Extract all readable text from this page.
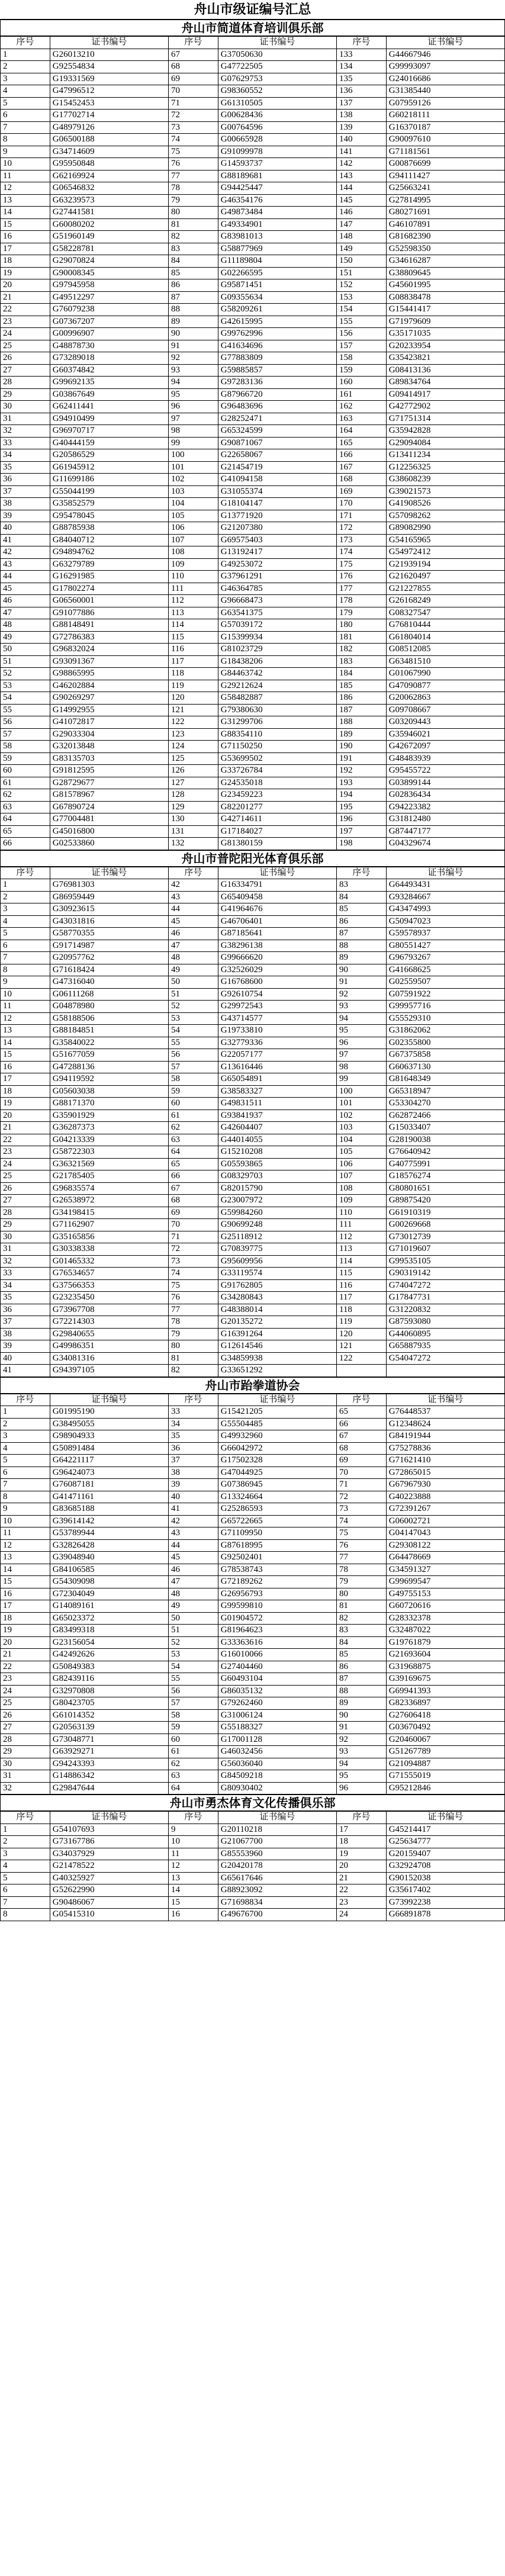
舟山市级证编号汇总
舟山市简道体育培训俱乐部
序号	证书编号	序号	证书编号	序号	证书编号
1	G26013210	67	G37050630	133	G44667946
2	G92554834	68	G47722505	134	G99993097
3	G19331569	69	G07629753	135	G24016686
4	G47996512	70	G98360552	136	G31385440
5	G15452453	71	G61310505	137	G07959126
6	G17702714	72	G00628436	138	G60218111
7	G48979126	73	G00764596	139	G16370187
8	G06500188	74	G00665928	140	G90097610
9	G34714609	75	G91099978	141	G71181561
10	G95950848	76	G14593737	142	G00876699
11	G62169924	77	G88189681	143	G94111427
12	G06546832	78	G94425447	144	G25663241
13	G63239573	79	G46354176	145	G27814995
14	G27441581	80	G49873484	146	G80271691
15	G60080202	81	G49334901	147	G46107891
16	G51960149	82	G83981013	148	G81682390
17	G58228781	83	G58877969	149	G52598350
18	G29070824	84	G11189804	150	G34616287
19	G90008345	85	G02266595	151	G38809645
20	G97945958	86	G95871451	152	G45601995
21	G49512297	87	G09355634	153	G08838478
22	G76079238	88	G58209261	154	G15441417
23	G07367207	89	G42615995	155	G71979609
24	G00996907	90	G99762996	156	G35171035
25	G48878730	91	G41634696	157	G20233954
26	G73289018	92	G77883809	158	G35423821
27	G60374842	93	G59885857	159	G08413136
28	G99692135	94	G97283136	160	G89834764
29	G03867649	95	G87966720	161	G09414917
30	G62411441	96	G96483696	162	G42772902
31	G94910499	97	G28252471	163	G71751314
32	G96970717	98	G65324599	164	G35942828
33	G40444159	99	G90871067	165	G29094084
34	G20586529	100	G22658067	166	G13411234
35	G61945912	101	G21454719	167	G12256325
36	G11699186	102	G41094158	168	G38608239
37	G55044199	103	G31055374	169	G39021573
38	G35852579	104	G18104147	170	G41908526
39	G95478045	105	G13771920	171	G57098262
40	G88785938	106	G21207380	172	G89082990
41	G84040712	107	G69575403	173	G54165965
42	G94894762	108	G13192417	174	G54972412
43	G63279789	109	G49253072	175	G21939194
44	G16291985	110	G37961291	176	G21620497
45	G17802274	111	G46364785	177	G21227855
46	G06560001	112	G96668473	178	G26168249
47	G91077886	113	G63541375	179	G08327547
48	G88148491	114	G57039172	180	G76810444
49	G72786383	115	G15399934	181	G61804014
50	G96832024	116	G81023729	182	G08512085
51	G93091367	117	G18438206	183	G63481510
52	G98865995	118	G84463742	184	G01067990
53	G46202884	119	G29212624	185	G47090877
54	G90269297	120	G58482887	186	G20062863
55	G14992955	121	G79380630	187	G09708667
56	G41072817	122	G31299706	188	G03209443
57	G29033304	123	G88354110	189	G35946021
58	G32013848	124	G71150250	190	G42672097
59	G83135703	125	G53699502	191	G48483939
60	G91812595	126	G33726784	192	G95455722
61	G28729677	127	G24535018	193	G03899144
62	G81578967	128	G23459223	194	G02836434
63	G67890724	129	G82201277	195	G94223382
64	G77004481	130	G42714611	196	G31812480
65	G45016800	131	G17184027	197	G87447177
66	G02533860	132	G81380159	198	G04329674
舟山市普陀阳光体育俱乐部
序号	证书编号	序号	证书编号	序号	证书编号
1	G76981303	42	G16334791	83	G64493431
2	G86959449	43	G65409458	84	G93284667
3	G30923615	44	G41964676	85	G43474993
4	G43031816	45	G46706401	86	G50947023
5	G58770355	46	G87185641	87	G59578937
6	G91714987	47	G38296138	88	G80551427
7	G20957762	48	G99666620	89	G96793267
8	G71618424	49	G32526029	90	G41668625
9	G47316040	50	G16768600	91	G02559507
10	G06111268	51	G92610754	92	G07591922
11	G04878980	52	G29972543	93	G99957716
12	G58188506	53	G43714577	94	G55529310
13	G88184851	54	G19733810	95	G31862062
14	G35840022	55	G32779336	96	G02355800
15	G51677059	56	G22057177	97	G67375858
16	G47288136	57	G13616446	98	G60637130
17	G94119592	58	G65054891	99	G81648349
18	G05603038	59	G38583327	100	G65318947
19	G88171370	60	G49831511	101	G53304270
20	G35901929	61	G93841937	102	G62872466
21	G36287373	62	G42604407	103	G15033407
22	G04213339	63	G44014055	104	G28190038
23	G58722303	64	G15210208	105	G76640942
24	G36321569	65	G05593865	106	G40775991
25	G21785405	66	G08329703	107	G18576274
26	G96835574	67	G82015790	108	G80801651
27	G26538972	68	G23007972	109	G89875420
28	G34198415	69	G59984260	110	G61910319
29	G71162907	70	G90699248	111	G00269668
30	G35165856	71	G25118912	112	G73012739
31	G30338338	72	G70839775	113	G71019607
32	G01465332	73	G95609956	114	G99535105
33	G76534657	74	G33119574	115	G90319142
34	G37566353	75	G91762805	116	G74047272
35	G23235450	76	G34280843	117	G17847731
36	G73967708	77	G48388014	118	G31220832
37	G72214303	78	G20135272	119	G87593080
38	G29840655	79	G16391264	120	G44060895
39	G49986351	80	G12614546	121	G65887935
40	G34081316	81	G34859938	122	G54047272
41	G94397105	82	G33651292		
舟山市跆拳道协会
序号	证书编号	序号	证书编号	序号	证书编号
1	G01995190	33	G15421205	65	G76448537
2	G38495055	34	G55504485	66	G12348624
3	G98904933	35	G49932960	67	G84191944
4	G50891484	36	G66042972	68	G75278836
5	G64221117	37	G17502328	69	G71621410
6	G96424073	38	G47044925	70	G72865015
7	G76087181	39	G07386945	71	G67967930
8	G41471161	40	G13324664	72	G40223888
9	G83685188	41	G25286593	73	G72391267
10	G39614142	42	G65722665	74	G06002721
11	G53789944	43	G71109950	75	G04147043
12	G32826428	44	G87618995	76	G29308122
13	G39048940	45	G92502401	77	G64478669
14	G84106585	46	G78538743	78	G34591327
15	G54309098	47	G72189262	79	G99699547
16	G72304049	48	G26956793	80	G49755153
17	G14089161	49	G99599810	81	G60720616
18	G65023372	50	G01904572	82	G28332378
19	G83499318	51	G81964623	83	G32487022
20	G23156054	52	G33363616	84	G19761879
21	G42492626	53	G16010066	85	G21693604
22	G50849383	54	G27404460	86	G31968875
23	G82439116	55	G60493104	87	G39169675
24	G32970808	56	G86035132	88	G69941393
25	G80423705	57	G79262460	89	G82336897
26	G61014352	58	G31006124	90	G27606418
27	G20563139	59	G55188327	91	G03670492
28	G73048771	60	G17001128	92	G20460067
29	G63929271	61	G46032456	93	G51267789
30	G94243393	62	G56036040	94	G21094887
31	G14886342	63	G84509218	95	G71555019
32	G29847644	64	G80930402	96	G95212846
舟山市勇杰体育文化传播俱乐部
序号	证书编号	序号	证书编号	序号	证书编号
1	G54107693	9	G20110218	17	G45214417
2	G73167786	10	G21067700	18	G25634777
3	G34037929	11	G85553960	19	G20159407
4	G21478522	12	G20420178	20	G32924708
5	G40325927	13	G65617646	21	G90152038
6	G52622990	14	G88923092	22	G35617402
7	G90486067	15	G71698834	23	G73992238
8	G05415310	16	G49676700	24	G66891878
